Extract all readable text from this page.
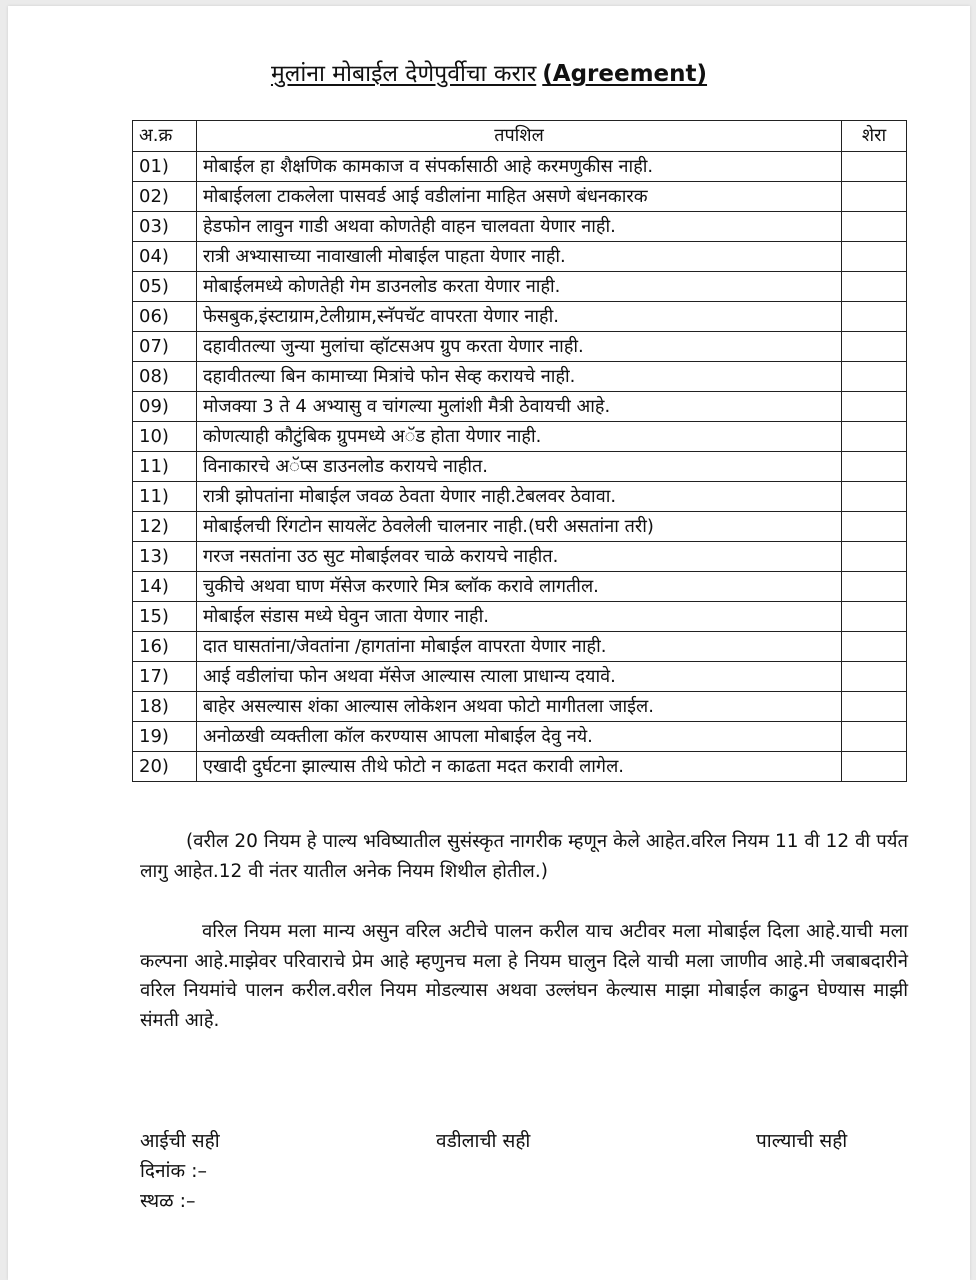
मुलांना मोबाईल देणेपुर्वीचा करार (Agreement)
अ.क्र	तपशिल	शेरा
01)	मोबाईल हा शैक्षणिक कामकाज व संपर्कासाठी आहे करमणुकीस नाही.	
02)	मोबाईलला टाकलेला पासवर्ड आई वडीलांना माहित असणे बंधनकारक	
03)	हेडफोन लावुन गाडी अथवा कोणतेही वाहन चालवता येणार नाही.	
04)	रात्री अभ्यासाच्या नावाखाली मोबाईल पाहता येणार नाही.	
05)	मोबाईलमध्ये कोणतेही गेम डाउनलोड करता येणार नाही.	
06)	फेसबुक,इंस्टाग्राम,टेलीग्राम,स्नॅपचॅट वापरता येणार नाही.	
07)	दहावीतल्या जुन्या मुलांचा व्हॉटसअप ग्रुप करता येणार नाही.	
08)	दहावीतल्या बिन कामाच्या मित्रांचे फोन सेव्ह करायचे नाही.	
09)	मोजक्या 3 ते 4 अभ्यासु व चांगल्या मुलांशी मैत्री ठेवायची आहे.	
10)	कोणत्याही कौटुंबिक ग्रुपमध्ये अॅड होता येणार नाही.	
11)	विनाकारचे अॅप्स डाउनलोड करायचे नाहीत.	
11)	रात्री झोपतांना मोबाईल जवळ ठेवता येणार नाही.टेबलवर ठेवावा.	
12)	मोबाईलची रिंगटोन सायलेंट ठेवलेली चालनार नाही.(घरी असतांना तरी)	
13)	गरज नसतांना उठ सुट मोबाईलवर चाळे करायचे नाहीत.	
14)	चुकीचे अथवा घाण मॅसेज करणारे मित्र ब्लॉक करावे लागतील.	
15)	मोबाईल संडास मध्ये घेवुन जाता येणार नाही.	
16)	दात घासतांना/जेवतांना /हागतांना मोबाईल वापरता येणार नाही.	
17)	आई वडीलांचा फोन अथवा मॅसेज आल्यास त्याला प्राधान्य दयावे.	
18)	बाहेर असल्यास शंका आल्यास लोकेशन अथवा फोटो मागीतला जाईल.	
19)	अनोळखी व्यक्तीला कॉल करण्यास आपला मोबाईल देवु नये.	
20)	एखादी दुर्घटना झाल्यास तीथे फोटो न काढता मदत करावी लागेल.	

(वरील 20 नियम हे पाल्य भविष्यातील सुसंस्कृत नागरीक म्हणून केले आहेत.वरिल नियम 11 वी 12 वी पर्यत लागु आहेत.12 वी नंतर यातील अनेक नियम शिथील होतील.)

वरिल नियम मला मान्य असुन वरिल अटीचे पालन करील याच अटीवर मला मोबाईल दिला आहे.याची मला कल्पना आहे.माझेवर परिवाराचे प्रेम आहे म्हणुनच मला हे नियम घालुन दिले याची मला जाणीव आहे.मी जबाबदारीने वरिल नियमांचे पालन करील.वरील नियम मोडल्यास अथवा उल्लंघन केल्यास माझा मोबाईल काढुन घेण्यास माझी संमती आहे.

आईची सही	वडीलाची सही	पाल्याची सही
दिनांक :–
स्थळ :–
